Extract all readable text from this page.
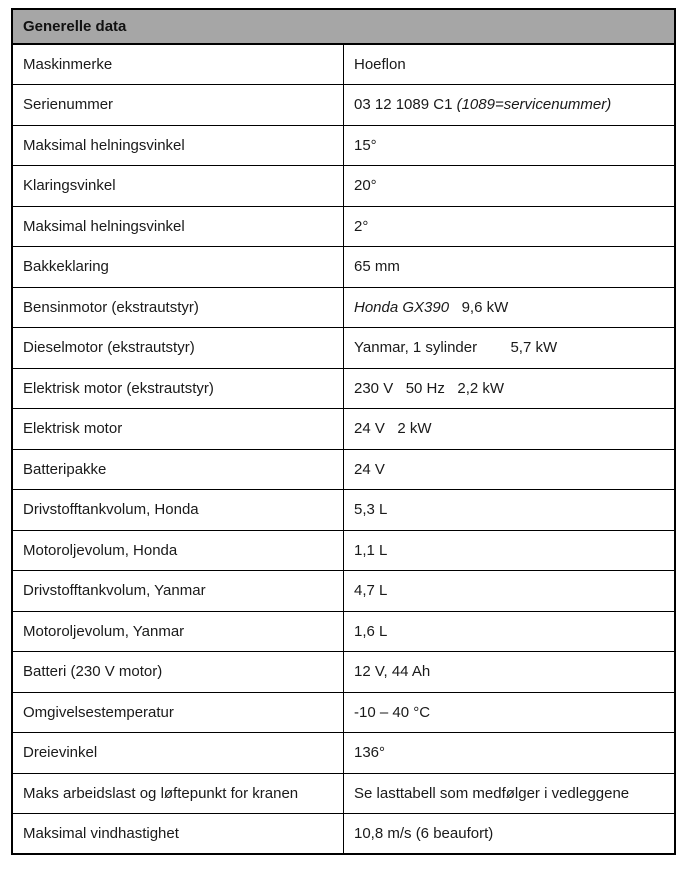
Generelle data	
Maskinmerke	Hoeflon
Serienummer	03 12 1089 C1 (1089=servicenummer)
Maksimal helningsvinkel	15°
Klaringsvinkel	20°
Maksimal helningsvinkel	2°
Bakkeklaring	65 mm
Bensinmotor (ekstrautstyr)	Honda GX390   9,6 kW
Dieselmotor (ekstrautstyr)	Yanmar, 1 sylinder        5,7 kW
Elektrisk motor (ekstrautstyr)	230 V   50 Hz   2,2 kW
Elektrisk motor	24 V   2 kW
Batteripakke	24 V
Drivstofftankvolum, Honda	5,3 L
Motoroljevolum, Honda	1,1 L
Drivstofftankvolum, Yanmar	4,7 L
Motoroljevolum, Yanmar	1,6 L
Batteri (230 V motor)	12 V, 44 Ah
Omgivelsestemperatur	-10 – 40 °C
Dreievinkel	136°
Maks arbeidslast og løftepunkt for kranen	Se lasttabell som medfølger i vedleggene
Maksimal vindhastighet	10,8 m/s (6 beaufort)
